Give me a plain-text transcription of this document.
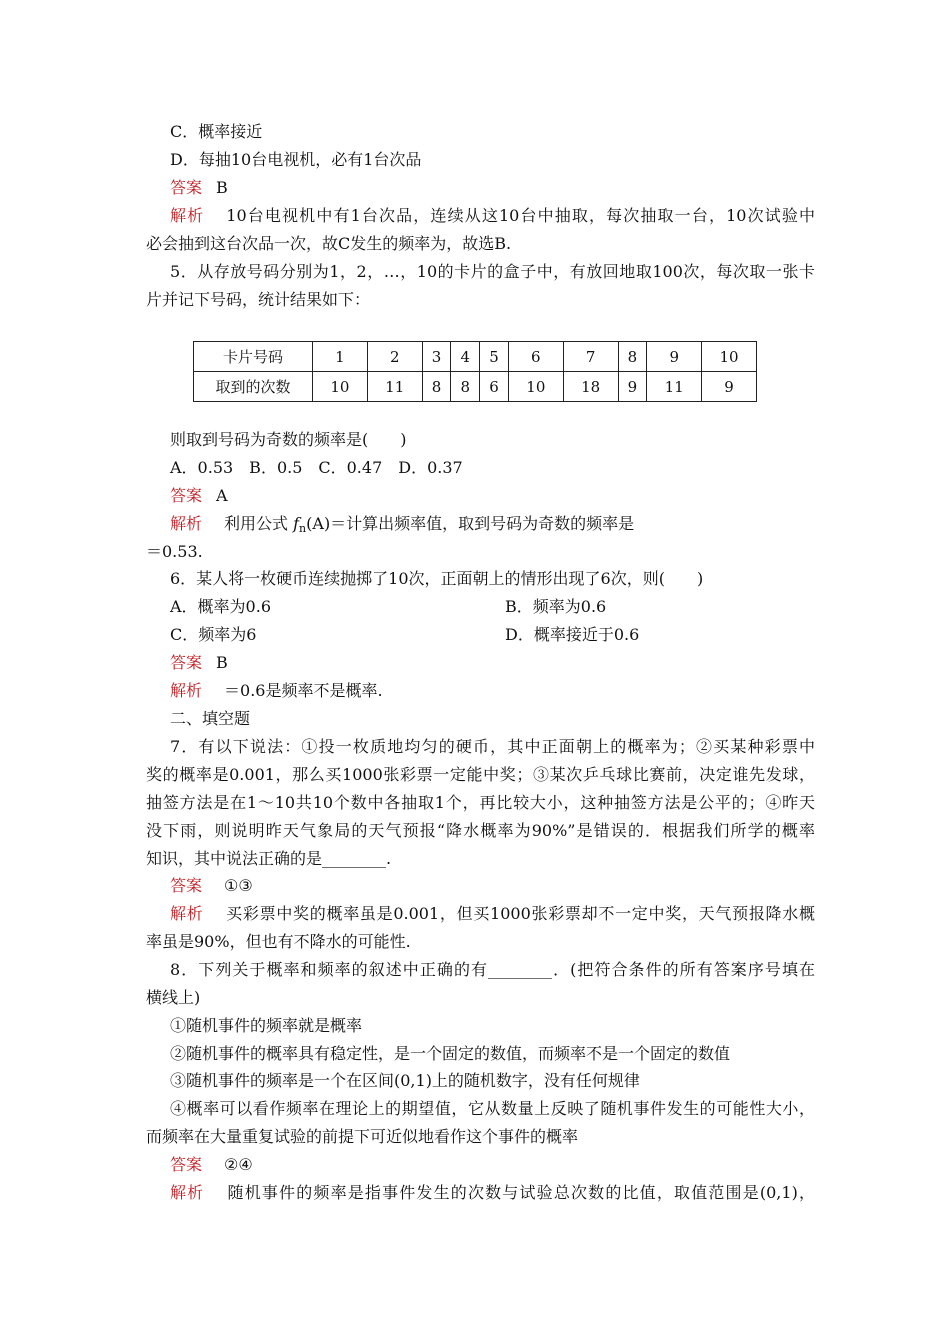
C．概率接近
D．每抽10台电视机，必有1台次品
答案 B
解析 10台电视机中有1台次品，连续从这10台中抽取，每次抽取一台，10次试验中
必会抽到这台次品一次，故C发生的频率为，故选B.
5．从存放号码分别为1，2，…，10的卡片的盒子中，有放回地取100次，每次取一张卡
片并记下号码，统计结果如下：
卡片号码	1	2	3	4	5	6	7	8	9	10
取到的次数	10	11	8	8	6	10	18	9	11	9
则取到号码为奇数的频率是(　　)
A．0.53　B．0.5　C．0.47　D．0.37
答案 A
解析 利用公式 $f_n(A)=$计算出频率值，取到号码为奇数的频率是
＝0.53.
6．某人将一枚硬币连续抛掷了10次，正面朝上的情形出现了6次，则(　　)
A．概率为0.6	B．频率为0.6
C．频率为6	D．概率接近于0.6
答案 B
解析 ＝0.6是频率不是概率.
二、填空题
7．有以下说法：①投一枚质地均匀的硬币，其中正面朝上的概率为；②买某种彩票中
奖的概率是0.001，那么买1000张彩票一定能中奖；③某次乒乓球比赛前，决定谁先发球，
抽签方法是在1～10共10个数中各抽取1个，再比较大小，这种抽签方法是公平的；④昨天
没下雨，则说明昨天气象局的天气预报“降水概率为90%”是错误的．根据我们所学的概率
知识，其中说法正确的是________.
答案 ①③
解析 买彩票中奖的概率虽是0.001，但买1000张彩票却不一定中奖，天气预报降水概
率虽是90%，但也有不降水的可能性.
8．下列关于概率和频率的叙述中正确的有________．(把符合条件的所有答案序号填在
横线上)
①随机事件的频率就是概率
②随机事件的概率具有稳定性，是一个固定的数值，而频率不是一个固定的数值
③随机事件的频率是一个在区间(0,1)上的随机数字，没有任何规律
④概率可以看作频率在理论上的期望值，它从数量上反映了随机事件发生的可能性大小，
而频率在大量重复试验的前提下可近似地看作这个事件的概率
答案 ②④
解析 随机事件的频率是指事件发生的次数与试验总次数的比值，取值范围是(0,1)，
